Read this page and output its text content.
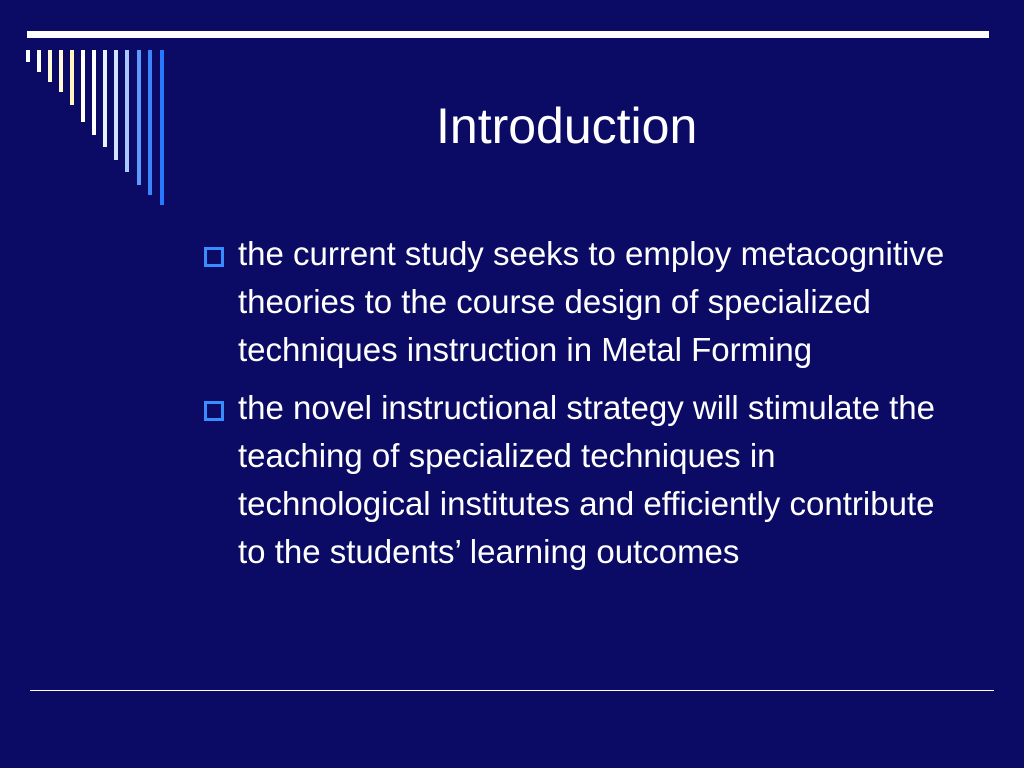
Introduction
the current study seeks to employ metacognitive theories to the course design of specialized techniques instruction in Metal Forming
the novel instructional strategy will stimulate the teaching of specialized techniques in technological institutes and efficiently contribute to the students’ learning outcomes
